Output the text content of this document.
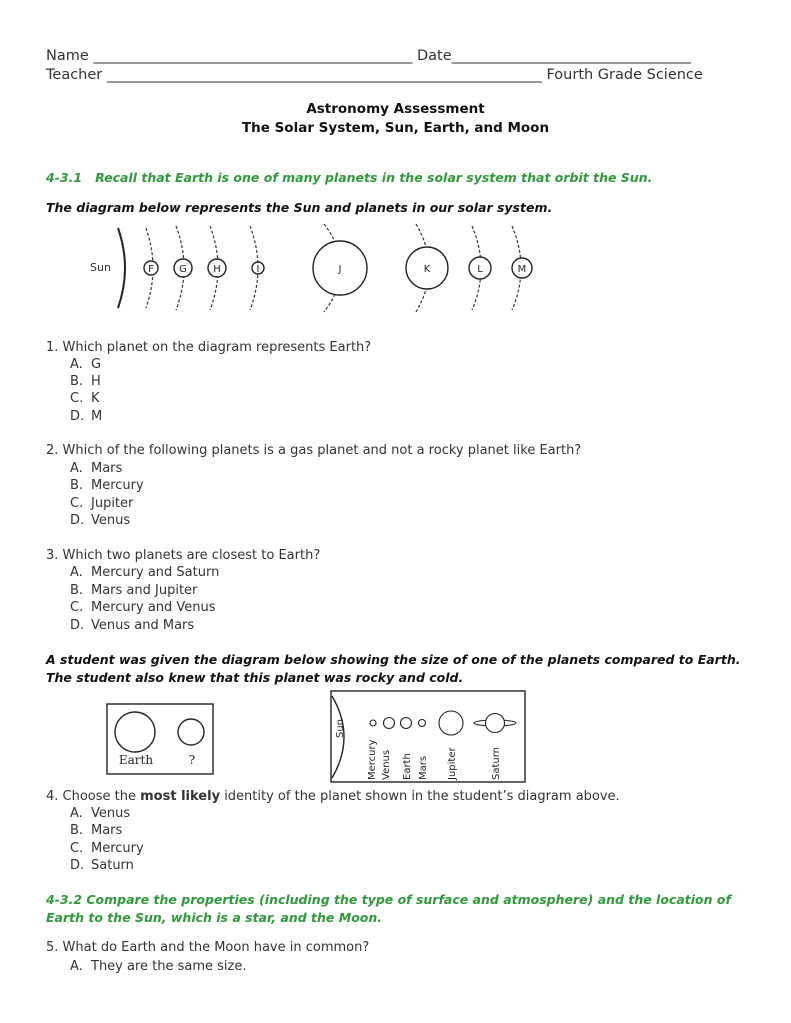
Name ____________________________________________ Date_________________________________
Teacher ____________________________________________________________ Fourth Grade Science
Astronomy Assessment
The Solar System, Sun, Earth, and Moon
4-3.1 Recall that Earth is one of many planets in the solar system that orbit the Sun.
The diagram below represents the Sun and planets in our solar system.
Sun	F	G	H	I	J	K	L	M
1. Which planet on the diagram represents Earth?
A. G
B. H
C. K
D. M
2. Which of the following planets is a gas planet and not a rocky planet like Earth?
A. Mars
B. Mercury
C. Jupiter
D. Venus
3. Which two planets are closest to Earth?
A. Mercury and Saturn
B. Mars and Jupiter
C. Mercury and Venus
D. Venus and Mars
A student was given the diagram below showing the size of one of the planets compared to Earth.
The student also knew that this planet was rocky and cold.
Earth	?
Sun
Mercury Venus Earth Mars Jupiter	Saturn
4. Choose the most likely identity of the planet shown in the student’s diagram above.
A. Venus
B. Mars
C. Mercury
D. Saturn
4-3.2 Compare the properties (including the type of surface and atmosphere) and the location of
Earth to the Sun, which is a star, and the Moon.
5. What do Earth and the Moon have in common?
A. They are the same size.
